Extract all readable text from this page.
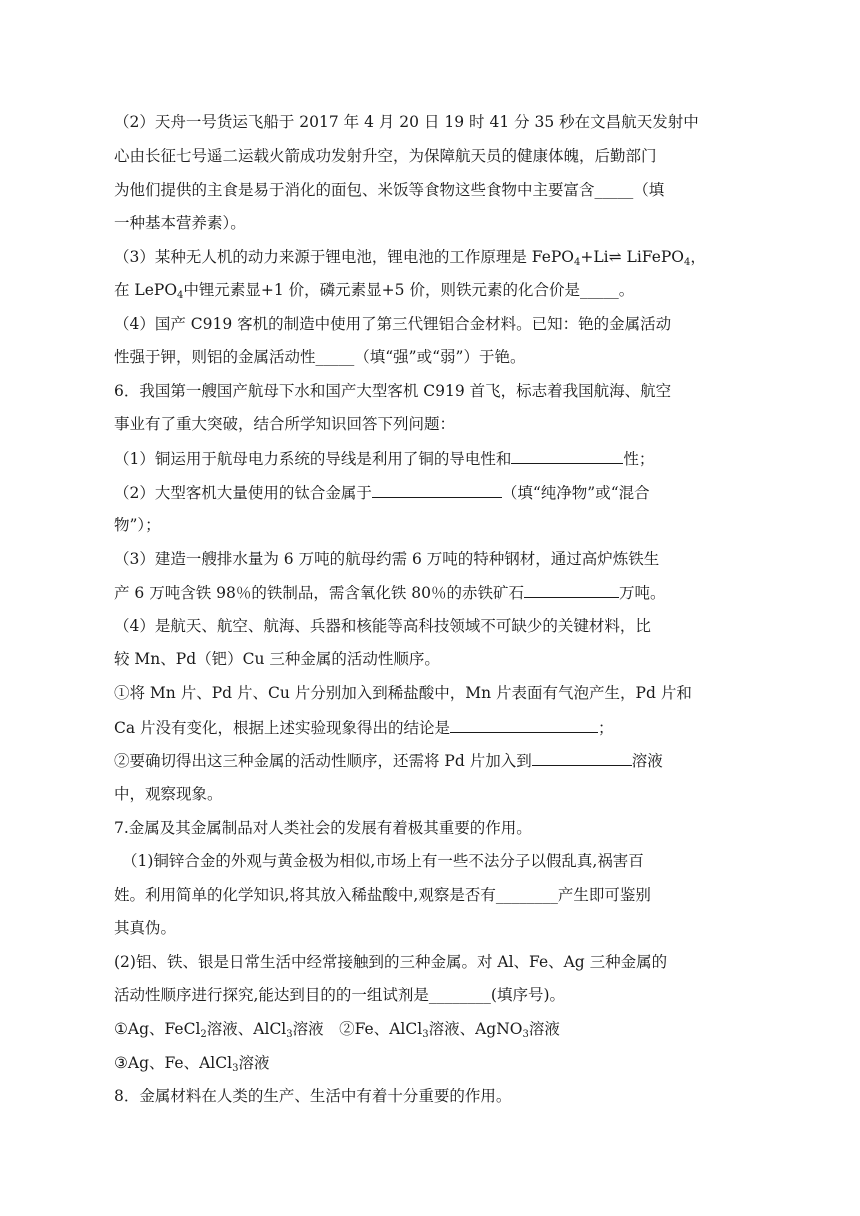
（2）天舟一号货运飞船于 2017 年 4 月 20 日 19 时 41 分 35 秒在文昌航天发射中
心由长征七号遥二运载火箭成功发射升空，为保障航天员的健康体魄，后勤部门
为他们提供的主食是易于消化的面包、米饭等食物这些食物中主要富含_____（填
一种基本营养素）。
（3）某种无人机的动力来源于锂电池，锂电池的工作原理是 FePO$_4$+Li⇌ LiFePO$_4$，
在 LePO$_4$中锂元素显+1 价，磷元素显+5 价，则铁元素的化合价是_____。
（4）国产 C919 客机的制造中使用了第三代锂铝合金材料。已知：铯的金属活动
性强于钾，则铝的金属活动性_____（填“强”或“弱”）于铯。
6．我国第一艘国产航母下水和国产大型客机 C919 首飞，标志着我国航海、航空
事业有了重大突破，结合所学知识回答下列问题：
（1）铜运用于航母电力系统的导线是利用了铜的导电性和	性；
（2）大型客机大量使用的钛合金属于	（填“纯净物”或“混合
物”）；
（3）建造一艘排水量为 6 万吨的航母约需 6 万吨的特种钢材，通过高炉炼铁生
产 6 万吨含铁 98％的铁制品，需含氧化铁 80％的赤铁矿石	万吨。
（4）是航天、航空、航海、兵器和核能等高科技领域不可缺少的关键材料，比
较 Mn、Pd（钯）Cu 三种金属的活动性顺序。
①将 Mn 片、Pd 片、Cu 片分别加入到稀盐酸中，Mn 片表面有气泡产生，Pd 片和
Ca 片没有变化，根据上述实验现象得出的结论是	；
②要确切得出这三种金属的活动性顺序，还需将 Pd 片加入到	溶液
中，观察现象。
7.金属及其金属制品对人类社会的发展有着极其重要的作用。
（1)铜锌合金的外观与黄金极为相似,市场上有一些不法分子以假乱真,祸害百
姓。利用简单的化学知识,将其放入稀盐酸中,观察是否有________产生即可鉴别
其真伪。
(2)铝、铁、银是日常生活中经常接触到的三种金属。对 Al、Fe、Ag 三种金属的
活动性顺序进行探究,能达到目的的一组试剂是________(填序号)。
①Ag、FeCl$_2$溶液、AlCl$_3$溶液　②Fe、AlCl$_3$溶液、AgNO$_3$溶液
③Ag、Fe、AlCl$_3$溶液
8．金属材料在人类的生产、生活中有着十分重要的作用。
